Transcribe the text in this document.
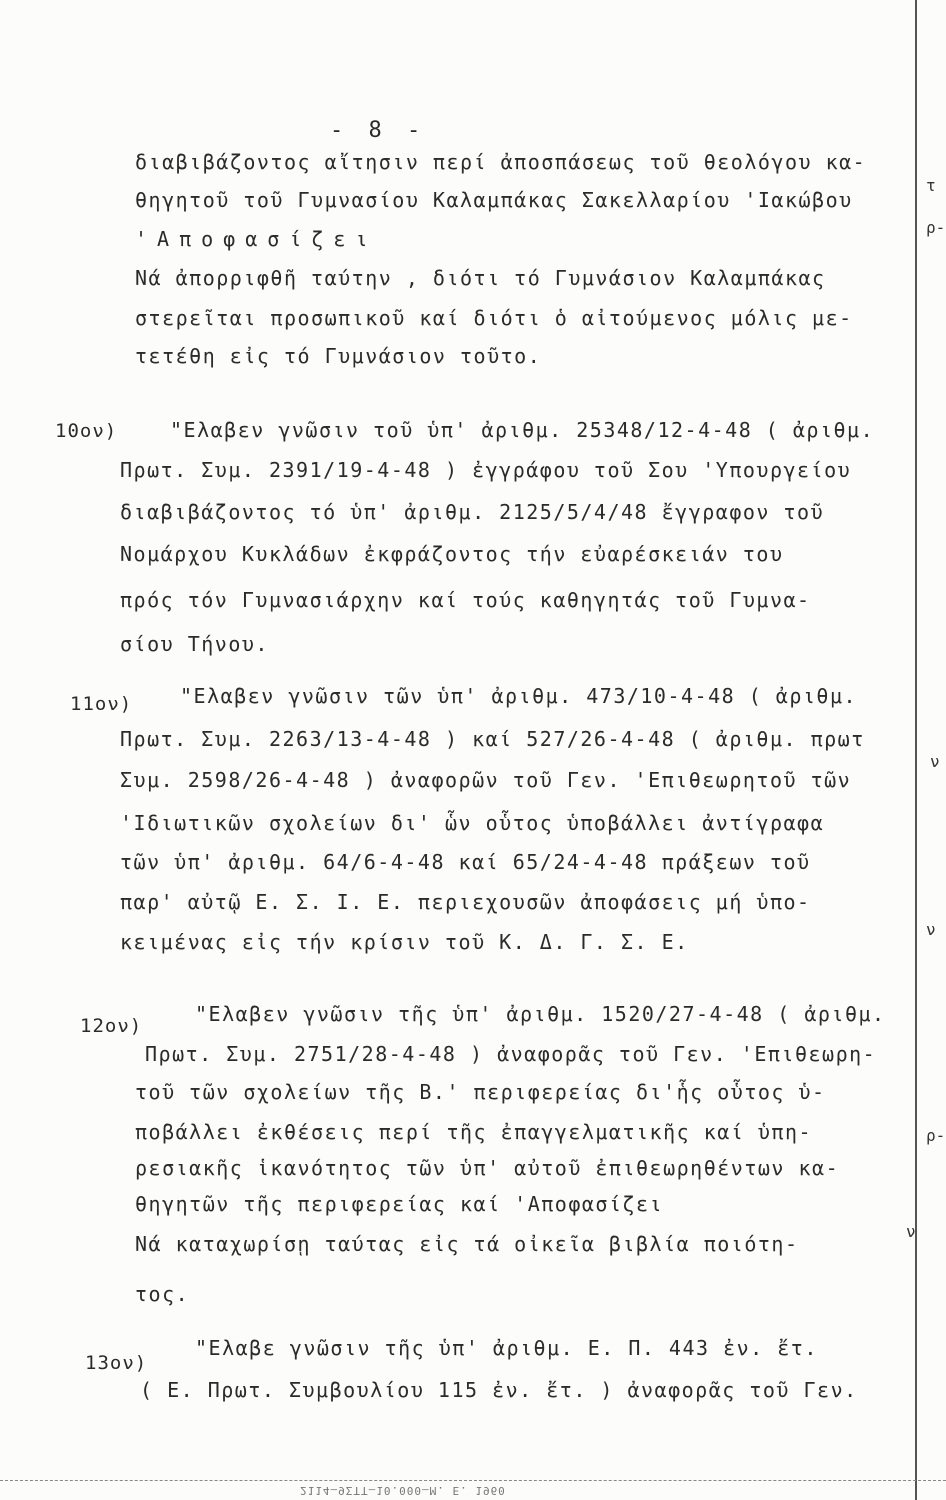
- 8 -
διαβιβάζοντος αἴτησιν περί ἀποσπάσεως τοῦ θεολόγου κα-
θηγητοῦ τοῦ Γυμνασίου Καλαμπάκας Σακελλαρίου 'Ιακώβου
'Αποφασίζει
Νά ἀπορριφθῆ ταύτην , διότι τό Γυμνάσιον Καλαμπάκας
στερεῖται προσωπικοῦ καί διότι ὁ αἰτούμενος μόλις με-
τετέθη εἰς τό Γυμνάσιον τοῦτο.
10ον)	"Ελαβεν γνῶσιν τοῦ ὑπ' ἀριθμ. 25348/12-4-48 ( ἀριθμ.
Πρωτ. Συμ. 2391/19-4-48 ) ἐγγράφου τοῦ Σου 'Υπουργείου
διαβιβάζοντος τό ὑπ' ἀριθμ. 2125/5/4/48 ἔγγραφον τοῦ
Νομάρχου Κυκλάδων ἐκφράζοντος τήν εὐαρέσκειάν του
πρός τόν Γυμνασιάρχην καί τούς καθηγητάς τοῦ Γυμνα-
σίου Τήνου.
11ον) "Ελαβεν γνῶσιν τῶν ὑπ' ἀριθμ. 473/10-4-48 ( ἀριθμ.
Πρωτ. Συμ. 2263/13-4-48 ) καί 527/26-4-48 ( ἀριθμ. πρωτ
Συμ. 2598/26-4-48 ) ἀναφορῶν τοῦ Γεν. 'Επιθεωρητοῦ τῶν
'Ιδιωτικῶν σχολείων δι' ὧν οὗτος ὑποβάλλει ἀντίγραφα
τῶν ὑπ' ἀριθμ. 64/6-4-48 καί 65/24-4-48 πράξεων τοῦ
παρ' αὐτῷ Ε. Σ. Ι. Ε. περιεχουσῶν ἀποφάσεις μή ὑπο-
κειμένας εἰς τήν κρίσιν τοῦ Κ. Δ. Γ. Σ. Ε.
12ον)	"Ελαβεν γνῶσιν τῆς ὑπ' ἀριθμ. 1520/27-4-48 ( ἀριθμ.
Πρωτ. Συμ. 2751/28-4-48 ) ἀναφορᾶς τοῦ Γεν. 'Επιθεωρη-
τοῦ τῶν σχολείων τῆς Β.' περιφερείας δι'ἧς οὗτος ὑ-
ποβάλλει ἐκθέσεις περί τῆς ἐπαγγελματικῆς καί ὑπη-
ρεσιακῆς ἱκανότητος τῶν ὑπ' αὐτοῦ ἐπιθεωρηθέντων κα-
θηγητῶν τῆς περιφερείας καί 'Αποφασίζει
Νά καταχωρίσῃ ταύτας εἰς τά οἰκεῖα βιβλία ποιότη-
τος.
13ον)
"Ελαβε γνῶσιν τῆς ὑπ' ἀριθμ. Ε. Π. 443 ἐν. ἔτ.
( Ε. Πρωτ. Συμβουλίου 115 ἐν. ἔτ. ) ἀναφορᾶς τοῦ Γεν.
τ
ρ-
ν
ν
ρ-
ν
2114—9ΣΤΤ—10.000—Μ. Ε. 1960
